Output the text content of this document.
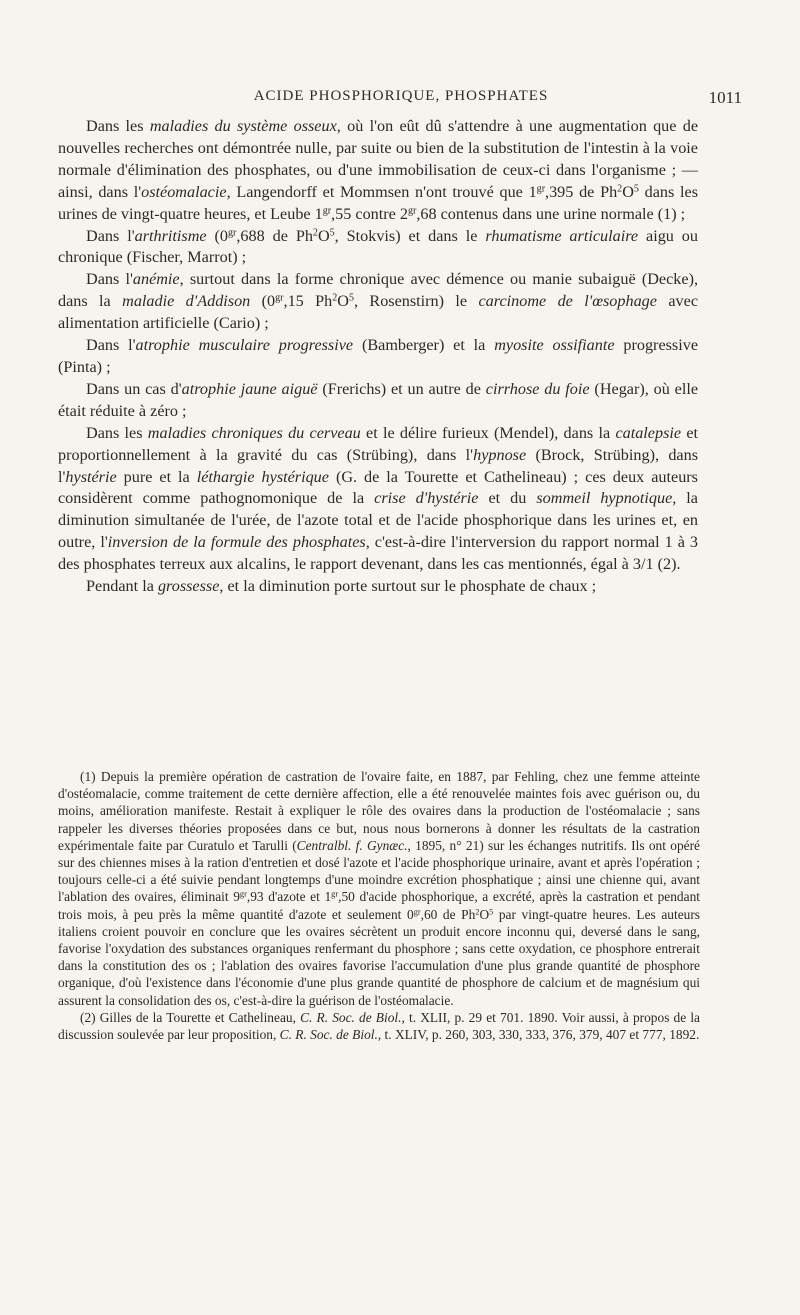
ACIDE PHOSPHORIQUE, PHOSPHATES	1011

Dans les maladies du système osseux, où l'on eût dû s'attendre à une augmentation que de nouvelles recherches ont démontrée nulle, par suite ou bien de la substitution de l'intestin à la voie normale d'élimination des phosphates, ou d'une immobilisation de ceux-ci dans l'organisme ; — ainsi, dans l'ostéomalacie, Langendorff et Mommsen n'ont trouvé que $1^{gr},395$ de $Ph^2O^5$ dans les urines de vingt-quatre heures, et Leube $1^{gr},55$ contre $2^{gr},68$ contenus dans une urine normale (1) ;

Dans l'arthritisme ($0^{gr},688$ de $Ph^2O^5$, Stokvis) et dans le rhumatisme articulaire aigu ou chronique (Fischer, Marrot) ;

Dans l'anémie, surtout dans la forme chronique avec démence ou manie subaiguë (Decke), dans la maladie d'Addison ($0^{gr},15$ $Ph^2O^5$, Rosenstirn) le carcinome de l'œsophage avec alimentation artificielle (Cario) ;

Dans l'atrophie musculaire progressive (Bamberger) et la myosite ossifiante progressive (Pinta) ;

Dans un cas d'atrophie jaune aiguë (Frerichs) et un autre de cirrhose du foie (Hegar), où elle était réduite à zéro ;

Dans les maladies chroniques du cerveau et le délire furieux (Mendel), dans la catalepsie et proportionnellement à la gravité du cas (Strübing), dans l'hypnose (Brock, Strübing), dans l'hystérie pure et la léthargie hystérique (G. de la Tourette et Cathelineau) ; ces deux auteurs considèrent comme pathognomonique de la crise d'hystérie et du sommeil hypnotique, la diminution simultanée de l'urée, de l'azote total et de l'acide phosphorique dans les urines et, en outre, l'inversion de la formule des phosphates, c'est-à-dire l'interversion du rapport normal 1 à 3 des phosphates terreux aux alcalins, le rapport devenant, dans les cas mentionnés, égal à 3/1 (2).

Pendant la grossesse, et la diminution porte surtout sur le phosphate de chaux ;

(1) Depuis la première opération de castration de l'ovaire faite, en 1887, par Fehling, chez une femme atteinte d'ostéomalacie, comme traitement de cette dernière affection, elle a été renouvelée maintes fois avec guérison ou, du moins, amélioration manifeste. Restait à expliquer le rôle des ovaires dans la production de l'ostéomalacie ; sans rappeler les diverses théories proposées dans ce but, nous nous bornerons à donner les résultats de la castration expérimentale faite par Curatulo et Tarulli (Centralbl. f. Gynæc., 1895, n° 21) sur les échanges nutritifs. Ils ont opéré sur des chiennes mises à la ration d'entretien et dosé l'azote et l'acide phosphorique urinaire, avant et après l'opération ; toujours celle-ci a été suivie pendant longtemps d'une moindre excrétion phosphatique ; ainsi une chienne qui, avant l'ablation des ovaires, éliminait $9^{gr},93$ d'azote et $1^{gr},50$ d'acide phosphorique, a excrété, après la castration et pendant trois mois, à peu près la même quantité d'azote et seulement $0^{gr},60$ de $Ph^2O^5$ par vingt-quatre heures. Les auteurs italiens croient pouvoir en conclure que les ovaires sécrètent un produit encore inconnu qui, deversé dans le sang, favorise l'oxydation des substances organiques renfermant du phosphore ; sans cette oxydation, ce phosphore entrerait dans la constitution des os ; l'ablation des ovaires favorise l'accumulation d'une plus grande quantité de phosphore organique, d'où l'existence dans l'économie d'une plus grande quantité de phosphore de calcium et de magnésium qui assurent la consolidation des os, c'est-à-dire la guérison de l'ostéomalacie.

(2) Gilles de la Tourette et Cathelineau, C. R. Soc. de Biol., t. XLII, p. 29 et 701. 1890. Voir aussi, à propos de la discussion soulevée par leur proposition, C. R. Soc. de Biol., t. XLIV, p. 260, 303, 330, 333, 376, 379, 407 et 777, 1892.
